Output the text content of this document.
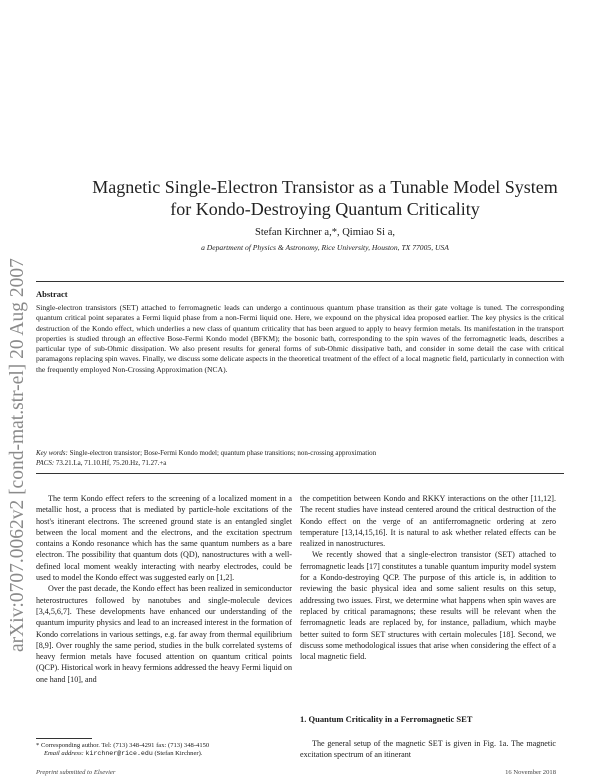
arXiv:0707.0062v2 [cond-mat.str-el] 20 Aug 2007
Magnetic Single-Electron Transistor as a Tunable Model System
for Kondo-Destroying Quantum Criticality
Stefan Kirchner a,*, Qimiao Si a,
a Department of Physics & Astronomy, Rice University, Houston, TX 77005, USA
Abstract
Single-electron transistors (SET) attached to ferromagnetic leads can undergo a continuous quantum phase transition as their gate voltage is tuned. The corresponding quantum critical point separates a Fermi liquid phase from a non-Fermi liquid one. Here, we expound on the physical idea proposed earlier. The key physics is the critical destruction of the Kondo effect, which underlies a new class of quantum criticality that has been argued to apply to heavy fermion metals. Its manifestation in the transport properties is studied through an effective Bose-Fermi Kondo model (BFKM); the bosonic bath, corresponding to the spin waves of the ferromagnetic leads, describes a particular type of sub-Ohmic dissipation. We also present results for general forms of sub-Ohmic dissipative bath, and consider in some detail the case with critical paramagons replacing spin waves. Finally, we discuss some delicate aspects in the theoretical treatment of the effect of a local magnetic field, particularly in connection with the frequently employed Non-Crossing Approximation (NCA).
Key words: Single-electron transistor; Bose-Fermi Kondo model; quantum phase transitions; non-crossing approximation
PACS: 73.21.La, 71.10.Hf, 75.20.Hz, 71.27.+a

The term Kondo effect refers to the screening of a localized moment in a metallic host, a process that is mediated by particle-hole excitations of the host's itinerant electrons. The screened ground state is an entangled singlet between the local moment and the electrons, and the excitation spectrum contains a Kondo resonance which has the same quantum numbers as a bare electron. The possibility that quantum dots (QD), nanostructures with a well-defined local moment weakly interacting with nearby electrodes, could be used to model the Kondo effect was suggested early on [1,2].

Over the past decade, the Kondo effect has been realized in semiconductor heterostructures followed by nanotubes and single-molecule devices [3,4,5,6,7]. These developments have enhanced our understanding of the quantum impurity physics and lead to an increased interest in the formation of Kondo correlations in various settings, e.g. far away from thermal equilibrium [8,9]. Over roughly the same period, studies in the bulk correlated systems of heavy fermion metals have focused attention on quantum critical points (QCP). Historical work in heavy fermions addressed the heavy Fermi liquid on one hand [10], and

the competition between Kondo and RKKY interactions on the other [11,12]. The recent studies have instead centered around the critical destruction of the Kondo effect on the verge of an antiferromagnetic ordering at zero temperature [13,14,15,16]. It is natural to ask whether related effects can be realized in nanostructures.

We recently showed that a single-electron transistor (SET) attached to ferromagnetic leads [17] constitutes a tunable quantum impurity model system for a Kondo-destroying QCP. The purpose of this article is, in addition to reviewing the basic physical idea and some salient results on this setup, addressing two issues. First, we determine what happens when spin waves are replaced by critical paramagnons; these results will be relevant when the ferromagnetic leads are replaced by, for instance, palladium, which maybe better suited to form SET structures with certain molecules [18]. Second, we discuss some methodological issues that arise when considering the effect of a local magnetic field.

1. Quantum Criticality in a Ferromagnetic SET
The general setup of the magnetic SET is given in Fig. 1a. The magnetic excitation spectrum of an itinerant
* Corresponding author. Tel: (713) 348-4291 fax: (713) 348-4150
Email address: kirchner@rice.edu (Stefan Kirchner).
Preprint submitted to Elsevier	16 November 2018
